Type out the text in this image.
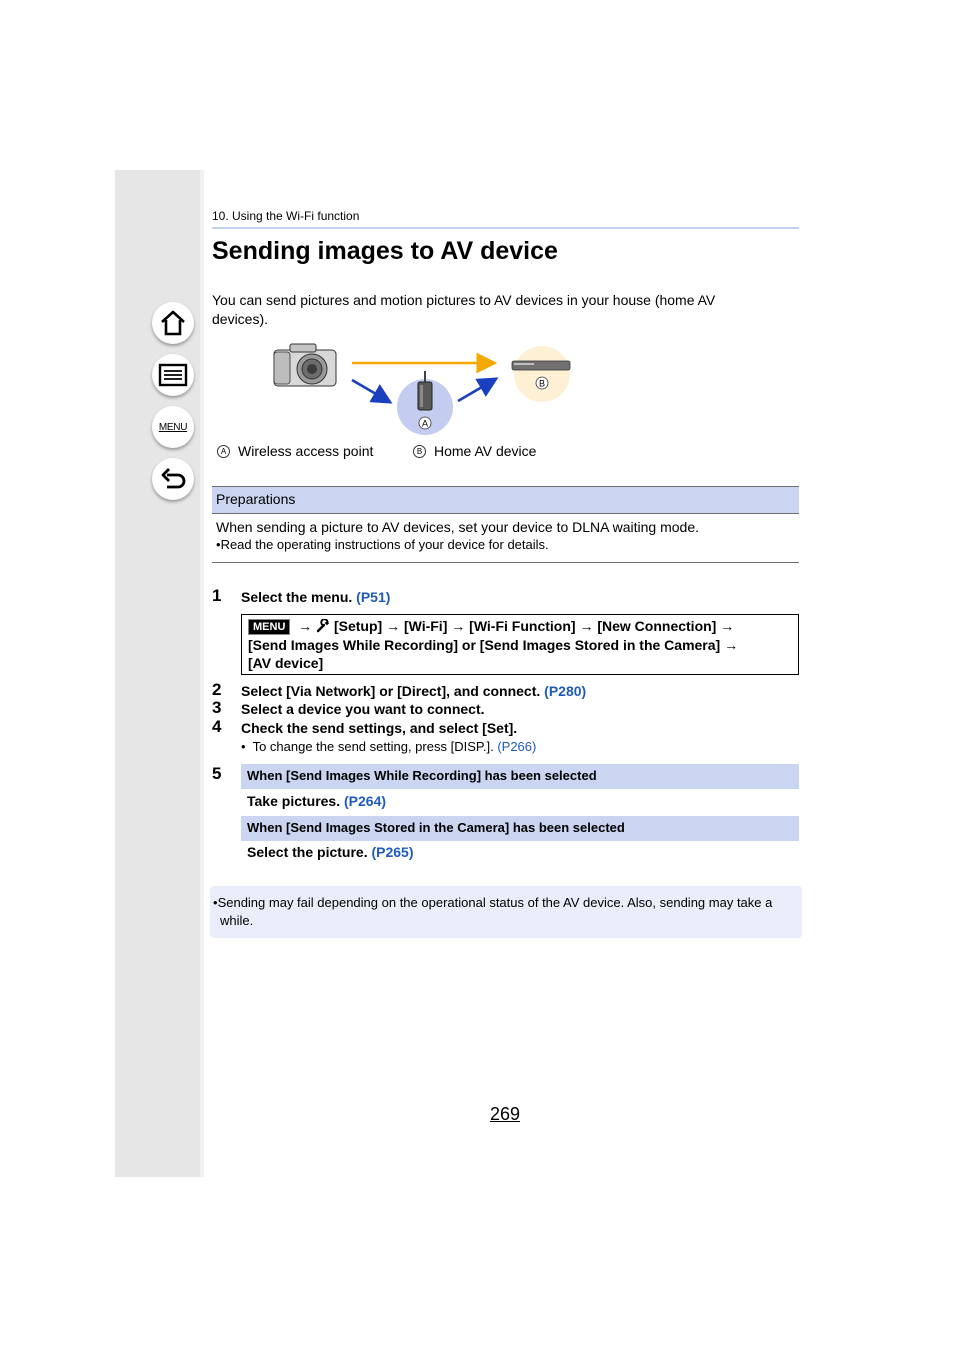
MENU
10. Using the Wi-Fi function
Sending images to AV device
You can send pictures and motion pictures to AV devices in your house (home AV devices).
A
B
A Wireless access point	B Home AV device
Preparations
When sending a picture to AV devices, set your device to DLNA waiting mode.
•Read the operating instructions of your device for details.
1 Select the menu. (P51)
MENU → [Setup] → [Wi-Fi] → [Wi-Fi Function] → [New Connection] →
[Send Images While Recording] or [Send Images Stored in the Camera] →
[AV device]
2 Select [Via Network] or [Direct], and connect. (P280)
3 Select a device you want to connect.
4 Check the send settings, and select [Set].
• To change the send setting, press [DISP.]. (P266)
5	When [Send Images While Recording] has been selected
Take pictures. (P264)
When [Send Images Stored in the Camera] has been selected
Select the picture. (P265)
•Sending may fail depending on the operational status of the AV device. Also, sending may take a while.
269
